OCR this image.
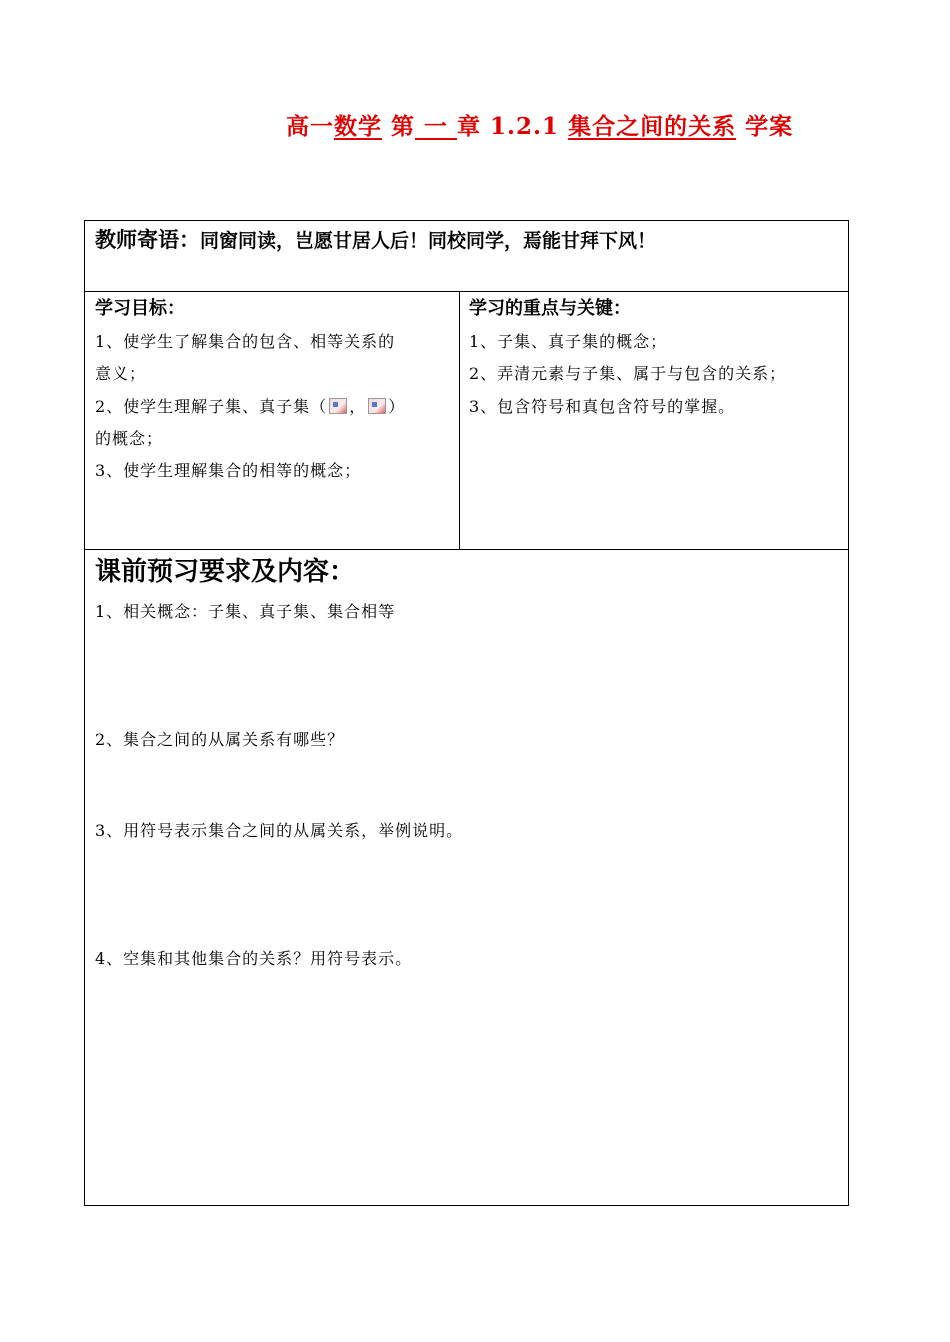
高一数学 第 一 章 1.2.1 集合之间的关系 学案
教师寄语：同窗同读，岂愿甘居人后！同校同学，焉能甘拜下风！
学习目标：
1、使学生了解集合的包含、相等关系的
意义；
2、使学生理解子集、真子集（ ， ）
的概念；
3、使学生理解集合的相等的概念；
学习的重点与关键：
1、子集、真子集的概念；
2、弄清元素与子集、属于与包含的关系；
3、包含符号和真包含符号的掌握。
课前预习要求及内容：
1、相关概念：子集、真子集、集合相等
2、集合之间的从属关系有哪些？
3、用符号表示集合之间的从属关系，举例说明。
4、空集和其他集合的关系？用符号表示。
